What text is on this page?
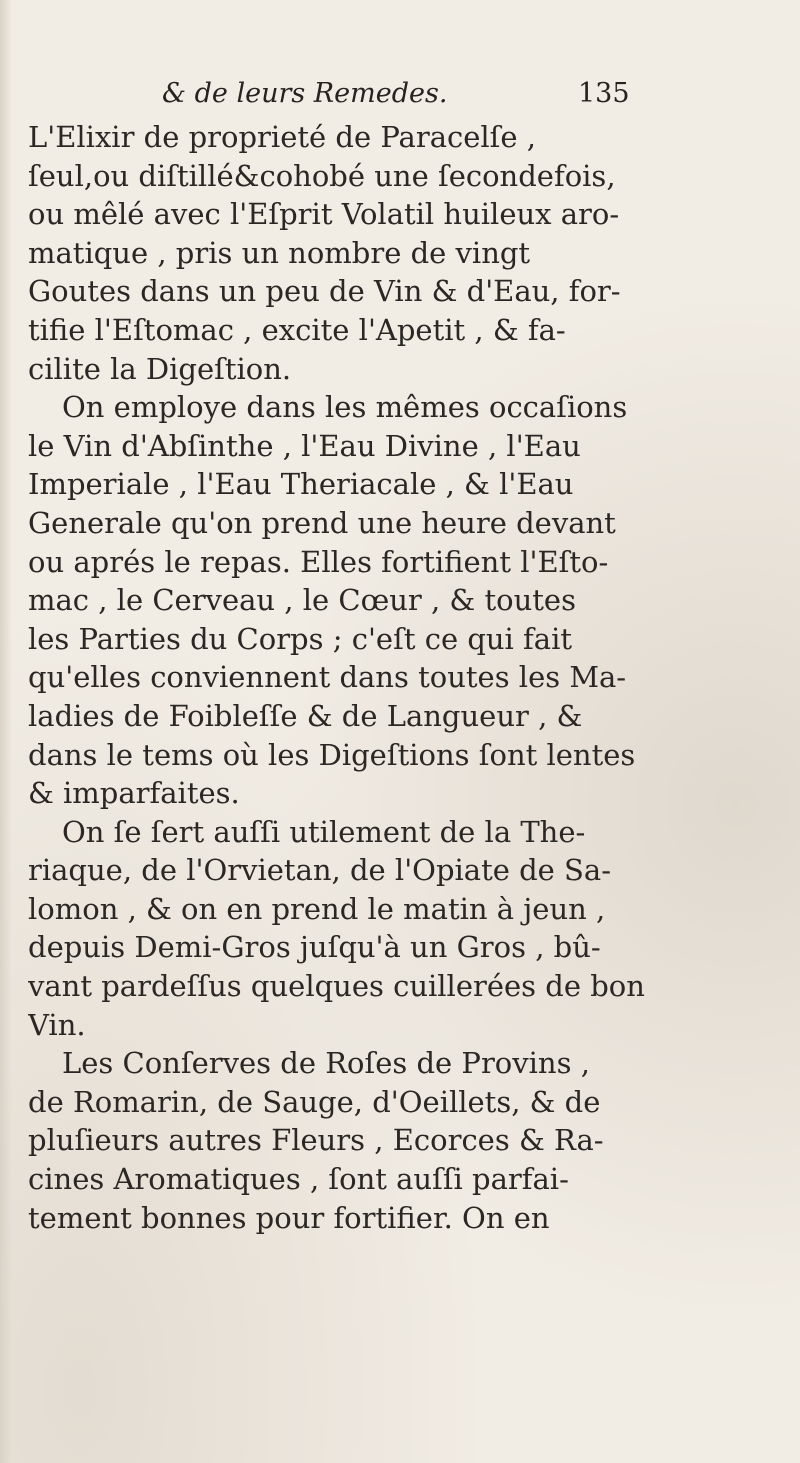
& de leurs Remedes.	135
L'Elixir de proprieté de Paracelſe ,
ſeul,ou diſtillé&cohobé une ſecondefois,
ou mêlé avec l'Eſprit Volatil huileux aro-
matique , pris un nombre de vingt
Goutes dans un peu de Vin & d'Eau, for-
tifie l'Eſtomac , excite l'Apetit , & fa-
cilite la Digeſtion.
On employe dans les mêmes occaſions
le Vin d'Abſinthe , l'Eau Divine , l'Eau
Imperiale , l'Eau Theriacale , & l'Eau
Generale qu'on prend une heure devant
ou aprés le repas. Elles fortifient l'Eſto-
mac , le Cerveau , le Cœur , & toutes
les Parties du Corps ; c'eſt ce qui fait
qu'elles conviennent dans toutes les Ma-
ladies de Foibleſſe & de Langueur , &
dans le tems où les Digeſtions ſont lentes
& imparfaites.
On ſe ſert auſſi utilement de la The-
riaque, de l'Orvietan, de l'Opiate de Sa-
lomon , & on en prend le matin à jeun ,
depuis Demi-Gros juſqu'à un Gros , bû-
vant pardeſſus quelques cuillerées de bon
Vin.
Les Conſerves de Roſes de Provins ,
de Romarin, de Sauge, d'Oeillets, & de
pluſieurs autres Fleurs , Ecorces & Ra-
cines Aromatiques , ſont auſſi parfai-
tement bonnes pour fortifier. On en
